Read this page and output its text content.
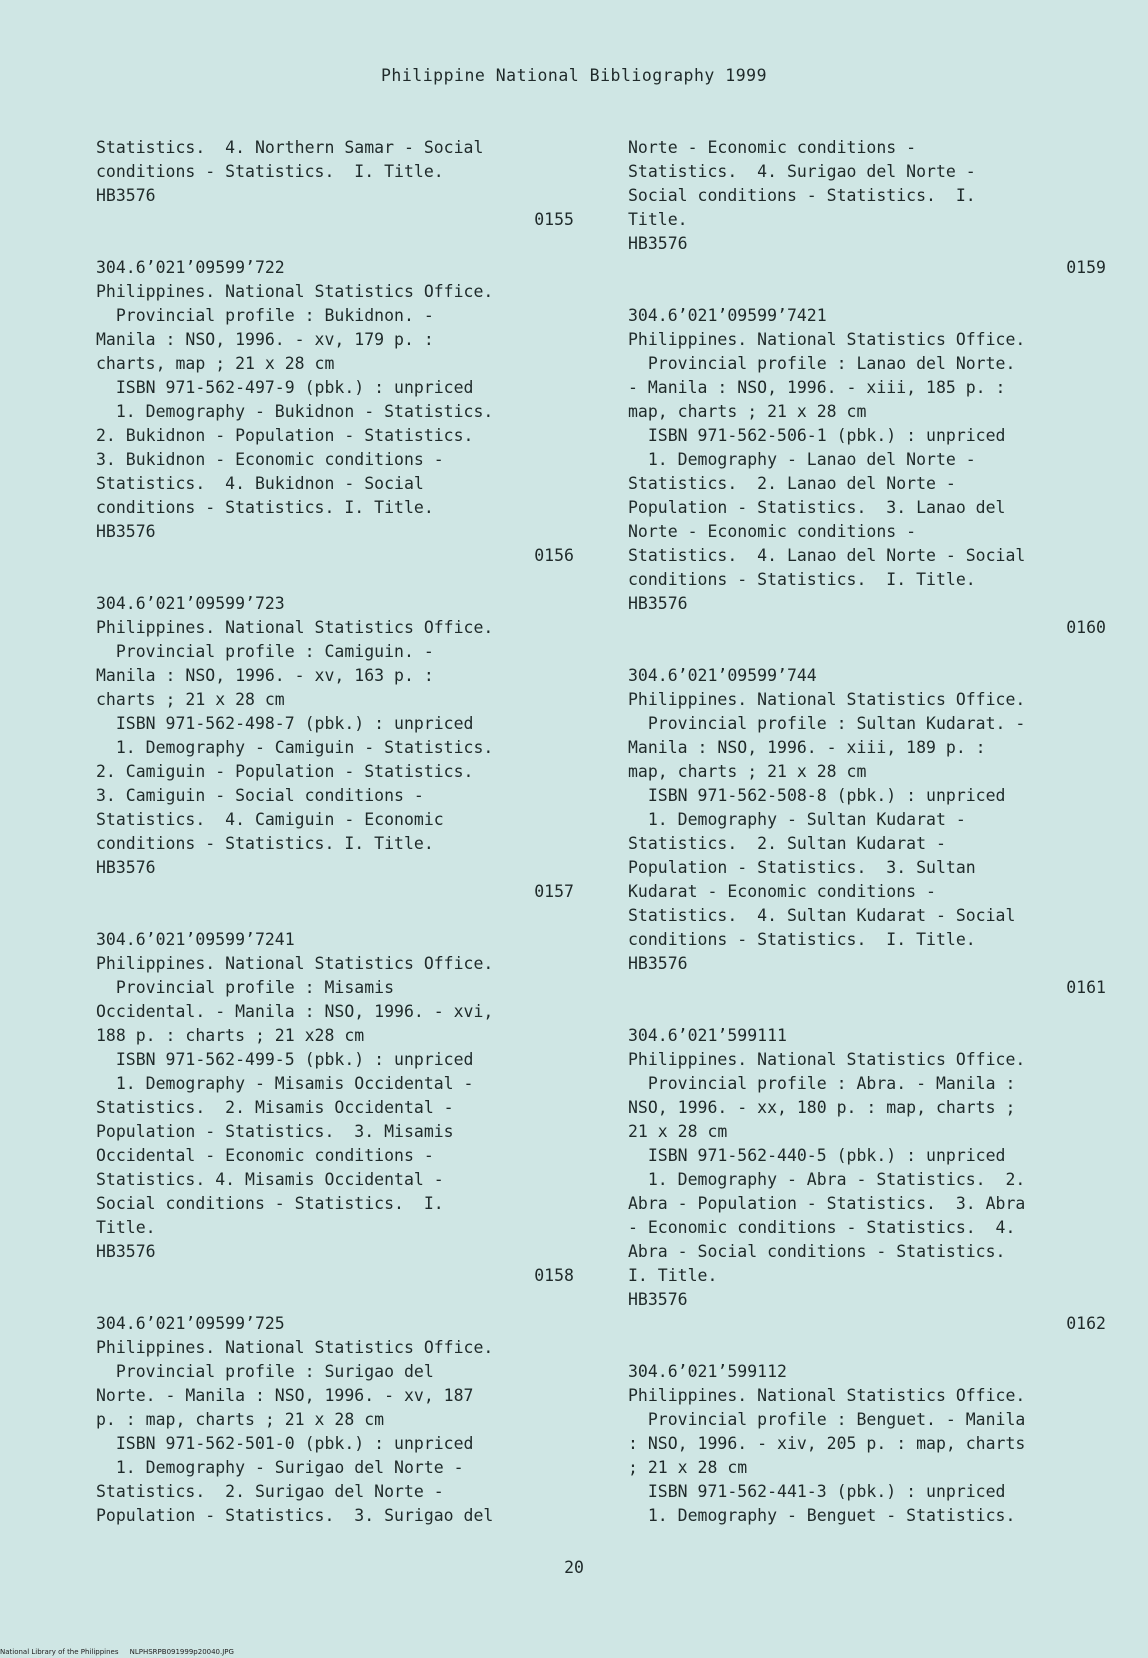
Philippine National Bibliography 1999
Statistics.  4. Northern Samar - Social
conditions - Statistics.  I. Title.
HB3576
0155
304.6’021’09599’722
Philippines. National Statistics Office.
Provincial profile : Bukidnon. -
Manila : NSO, 1996. - xv, 179 p. :
charts, map ; 21 x 28 cm
ISBN 971-562-497-9 (pbk.) : unpriced
1. Demography - Bukidnon - Statistics.
2. Bukidnon - Population - Statistics.
3. Bukidnon - Economic conditions -
Statistics.  4. Bukidnon - Social
conditions - Statistics. I. Title.
HB3576
0156
304.6’021’09599’723
Philippines. National Statistics Office.
Provincial profile : Camiguin. -
Manila : NSO, 1996. - xv, 163 p. :
charts ; 21 x 28 cm
ISBN 971-562-498-7 (pbk.) : unpriced
1. Demography - Camiguin - Statistics.
2. Camiguin - Population - Statistics.
3. Camiguin - Social conditions -
Statistics.  4. Camiguin - Economic
conditions - Statistics. I. Title.
HB3576
0157
304.6’021’09599’7241
Philippines. National Statistics Office.
Provincial profile : Misamis
Occidental. - Manila : NSO, 1996. - xvi,
188 p. : charts ; 21 x28 cm
ISBN 971-562-499-5 (pbk.) : unpriced
1. Demography - Misamis Occidental -
Statistics.  2. Misamis Occidental -
Population - Statistics.  3. Misamis
Occidental - Economic conditions -
Statistics. 4. Misamis Occidental -
Social conditions - Statistics.  I.
Title.
HB3576
0158
304.6’021’09599’725
Philippines. National Statistics Office.
Provincial profile : Surigao del
Norte. - Manila : NSO, 1996. - xv, 187
p. : map, charts ; 21 x 28 cm
ISBN 971-562-501-0 (pbk.) : unpriced
1. Demography - Surigao del Norte -
Statistics.  2. Surigao del Norte -
Population - Statistics.  3. Surigao del
Norte - Economic conditions -
Statistics.  4. Surigao del Norte -
Social conditions - Statistics.  I.
Title.
HB3576
0159
304.6’021’09599’7421
Philippines. National Statistics Office.
Provincial profile : Lanao del Norte.
- Manila : NSO, 1996. - xiii, 185 p. :
map, charts ; 21 x 28 cm
ISBN 971-562-506-1 (pbk.) : unpriced
1. Demography - Lanao del Norte -
Statistics.  2. Lanao del Norte -
Population - Statistics.  3. Lanao del
Norte - Economic conditions -
Statistics.  4. Lanao del Norte - Social
conditions - Statistics.  I. Title.
HB3576
0160
304.6’021’09599’744
Philippines. National Statistics Office.
Provincial profile : Sultan Kudarat. -
Manila : NSO, 1996. - xiii, 189 p. :
map, charts ; 21 x 28 cm
ISBN 971-562-508-8 (pbk.) : unpriced
1. Demography - Sultan Kudarat -
Statistics.  2. Sultan Kudarat -
Population - Statistics.  3. Sultan
Kudarat - Economic conditions -
Statistics.  4. Sultan Kudarat - Social
conditions - Statistics.  I. Title.
HB3576
0161
304.6’021’599111
Philippines. National Statistics Office.
Provincial profile : Abra. - Manila :
NSO, 1996. - xx, 180 p. : map, charts ;
21 x 28 cm
ISBN 971-562-440-5 (pbk.) : unpriced
1. Demography - Abra - Statistics.  2.
Abra - Population - Statistics.  3. Abra
- Economic conditions - Statistics.  4.
Abra - Social conditions - Statistics.
I. Title.
HB3576
0162
304.6’021’599112
Philippines. National Statistics Office.
Provincial profile : Benguet. - Manila
: NSO, 1996. - xiv, 205 p. : map, charts
; 21 x 28 cm
ISBN 971-562-441-3 (pbk.) : unpriced
1. Demography - Benguet - Statistics.
20
National Library of the Philippines     NLPHSRPB091999p20040.JPG
